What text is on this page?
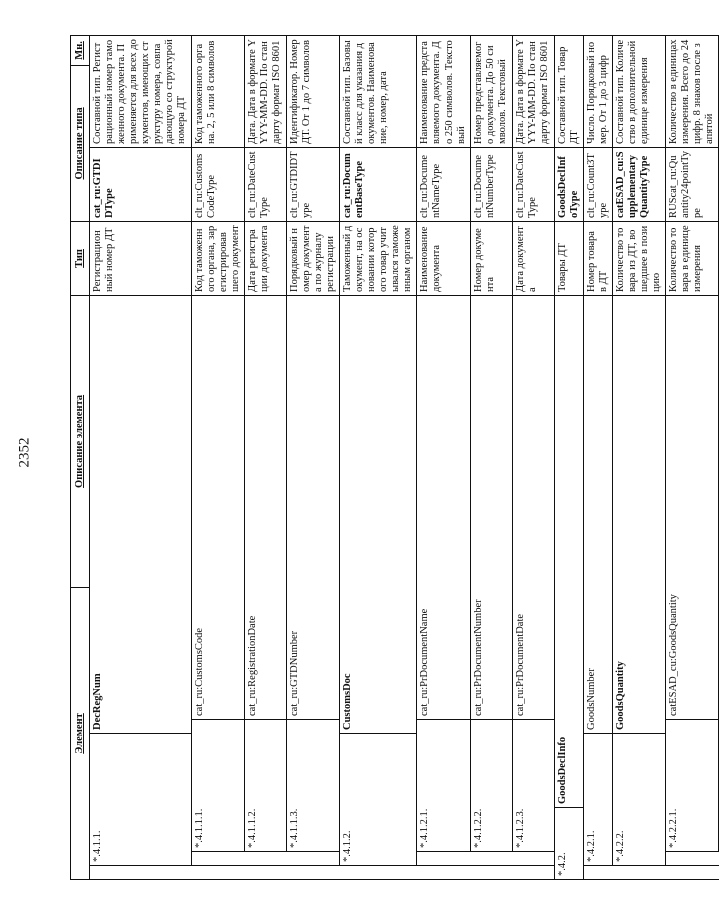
2352
Элемент						Описание элемента	Тип	Описание типа		Мн.	
	*.4.1.1.			DecRegNum			Регистрационный номер ДТ	cat_ru:GTDIDType	Составной тип. Регистрационный номер таможенного документа. Применяется для всех документов, имеющих структуру номера, совпадающую со структурой номера ДТ	
		*.4.1.1.1.			cat_ru:CustomsCode		Код таможенного органа, зарегистрировавшего документ	clt_ru:CustomsCodeType	Код таможенного органа. 2, 5 или 8 символов	
		*.4.1.1.2.			cat_ru:RegistrationDate		Дата регистрации документа	clt_ru:DateCustType	Дата. Дата в формате YYYY-MM-DD. По стандарту формат ISO 8601	
		*.4.1.1.3.			cat_ru:GTDNumber		Порядковый номер документа по журналу регистрации	clt_ru:GTDIDType	Идентификатор. Номер ДТ. От 1 до 7 символов	
	*.4.1.2.			CustomsDoc			Таможенный документ, на основании которого товар учитывался таможенным органом	cat_ru:DocumentBaseType	Составной тип. Базовый класс для указания документов. Наименование, номер, дата	
		*.4.1.2.1.			cat_ru:PrDocumentName		Наименование документа	clt_ru:DocumentNameType	Наименование представляемого документа. До 250 символов. Текстовый	
		*.4.1.2.2.			cat_ru:PrDocumentNumber		Номер документа	clt_ru:DocumentNumberType	Номер представляемого документа. До 50 символов. Текстовый	
		*.4.1.2.3.			cat_ru:PrDocumentDate		Дата документа	clt_ru:DateCustType	Дата. Дата в формате YYYY-MM-DD. По стандарту формат ISO 8601	
*.4.2.			GoodsDeclInfo				Товары ДТ	GoodsDeclInfoType	Составной тип. Товар ДТ	
	*.4.2.1.			GoodsNumber			Номер товара в ДТ	clt_ru:Count3Type	Число. Порядковый номер. От 1 до 3 цифр	
	*.4.2.2.			GoodsQuantity			Количество товара из ДТ, вошедшее в позицию	catESAD_cu:SupplementaryQuantityType	Составной тип. Количество в дополнительной единице измерения	
		*.4.2.2.1.			catESAD_cu:GoodsQuantity		Количество товара в единице измерения	RUScat_ru:Quantity24pointType	Количество в единицах измерения. Всего до 24 цифр. 8 знаков после запятой	
